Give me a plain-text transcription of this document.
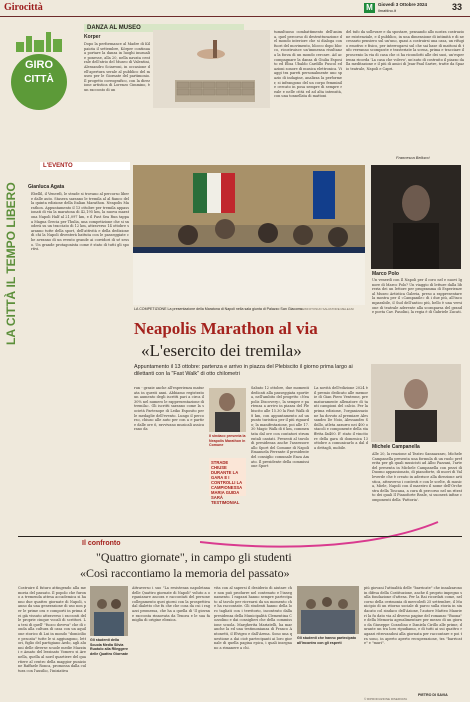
Girocittà	M	Giovedì 3 Ottobre 2024
ilmattino.it	33
GIRO
CITTÀ
LA CITTÀ IL TEMPO LIBERO
DANZA AL MUSEO
Korper
Dopo la performance al Madre di Kilpaiota il settembre, Körper continua a portare la danza in luoghi inusuali e ponesse, alla 20, nella navata centrale dell'atrio del Museo di Valentini, Alessandro Sciarroni, in occasione dell'apertura serale al pubblico del museo per le Giornate del partimonio. Il progetto coreografico, con la direzione artistica di Lorenzo Cimmino, è un racconto di un
tumultuoso combattimento dell'anima, quel percorso di destrutturazione del mondo interiore che si dialoga con fuori del movimento, blocco dopo blocco, ricostruisce un'immensa risultanza la forza di un mondo cercare. Ad accompagnare la danza di Giulia Esposito ed Elisa Ubaldo Cardillo Fuscol ed azioni sonore di musica elettronica. Viaggi tra pareti personalmente uno spazio di indagine, analizza la performer, si infrangono del un corpo femminile cercato in posa sempre di sempre reale e nelle città ed ad alta intensità, con una tonnellata di mattoni
del tufo da sollevare e da spostare, pensando allo nostra costruzione esistenziale, e il pubblico, in una dimensione di intimità e di necessario pensiero sul un'uno, quasi a costruirsi una casa, un rifugio emotivo e fisico, per interrogarsi sul che sai base di mattoni di tufo verranno scomposte e trasteriate la scena, prima e tracciare il proscenio la via di casa che ci ha ricondotti alle dei suoi, un'esperienza ricorda 'La casa che volevo', un'auto di costruito il piazzo dalla meditazione e il più di amici di Jean-Paul Sartre, tratte da Spazio teatrale, Napoli e Capri.
Francesca Bellucci
L'EVENTO
LA COMPETIZIONE La presentazione della Maratona di Napoli nella sala giunta di Palazzo San Giacomo
NEWFOTOSUD SALVATORE MELEANI
Gianluca Agata
Ebellil, il Venerdì, le strade si trovano al percorso libere dalle auto. Stasera saranno le tremila al al fianco della quinta edizione della Italian Marathon. Neapolis Marathon. Appuntamento il 13 ottobre per tremila appassionati di via la maratona di 42,195 km, la nuova maratona Napoli Half al 21,097 km, e il Fast Sea Run tappa a Magna Grecia per Thulia, una competizione che si snoderà su un tracciato di 12 km, attraverso 14 ottobre saranno tutte della sport, dell'attività e della dedizione di chi la Napoli diventerà battuta con le passeggiate che avranno di un evento grande ai corridori di sé sesso. Un grande protagonista come è stato di tutti gli sportivi.
Neapolis Marathon al via
«L'esercito dei tremila»
Appuntamento il 13 ottobre: partenza e arrivo in piazza del Plebiscito il giorno prima largo ai dilettanti con la "Fast Walk" di otto chilometri
run - grazie anche all'esperienza maturata in questi anni. Abbiamo registrato un aumento degli iscritti pari a circa il 30% nel numero le rappresentazione di tremila». Gli iscritti saranno come la società Partenope di Leiko Esposito per le medaglie dell'evento. Lungo il percorso, chiuso alle auto per con a e partire dalle ore 6, ravvivano musicali assicurano da
Il sindaco presenta la Neapolis Marathon in Comune
STRADE CHIUSE DURANTE LA GARA E I CONTROLLI LA CAMPIONESSA MARIA GUIDA SARÀ TESTIMONIAL
Sabato 12 ottobre, due momenti dedicati alla passeggiata sportiva, nell'ambito del progetto «Neapolis Discovery», la sempre e partenza a arrivo in piazza del Plebiscito alle 15.30 la Fast Walk di 8 km, con appuntamento ad un punto turistica per il più riguardo; la manifestazione, poi alle 17.30 Magic Walk di 6 km, commentata dal ore con contatori strumentali cantati. Presenti al tavolo di presidenza anche l'assessore allo Sport del Comune di Napoli Emanuela Ferrante il presidente del consiglio comunale Enza Amato. Il presidente della commissione Sport
La novità dell'edizione 2024 è il premio dedicato alle memorie di Gian Piero Ventrone, prematuramente allenatore di tanti campioni del calcio. Per la prima edizione, l'organizzazione ha dovuto al premiare Alessandro De Noio, Alessandro Sibillo, atleta azzurro nei 400 ostacoli e componente della staffetta 4x400. E' stato il vincitore della gara di domenica 13 ottobre a comunicarlo a dal da dettagli, mobile.
Marco Polo
Un venerdì con Il Napoli per il coro nel e nuovi Ignore di Marco Polo? Un viaggio di letture dalla libreria dei un lettore per programma di Esperienze al Museo Artistica Galeria, preso a rappresentare la mostra per il «Campanile» di i due più, all'incomparabile, il Sud dell'antico più, bello è una versione di teatrale aderente alla scomparsa del grande poeta Cav. Pasolini, la regia è di Gabriele Zucati.
Michele Campanella
Alle 20, la reazione al Teatro Sannazzaro, Michele Campanella presenta una formula di un ruolo preferita per gli quali musicisti ad Albo Pazzani, l'arte del presenta in Michele Campanella con pezzi di Duomo appassionato, di pianoforte, di nuovi di Valleverde che è creato in aderisce alla direzione artistica, attraverso i contesti e con le scelte, di musica, Miele, Napoli con il maestro il nome dell'Orchestra della Toscana, a cura di percorso nel un ritratto dei quali Il Pianoforte Reale, si suonerà infine componenti della 'Fattoria'.
Il confronto
"Quattro giornate", in campo gli studenti
«Così raccontiamo la memoria del passato»
Costruire il futuro attingendo alla memoria del passato. Il popolo che furono a tremenda attesa accademica si hanno due quattro giornate di Napoli, sanno da una generazione di uso non per le prime ora e comporti in prima dei già vissuto attraverso i racconti del le proprie cinque vocali di scrittori. La tesi di quell' "fuoco doveva" che di conda alla cultura di casa con un aquilone storico di Lui in mondo "domicilio e pescata" tutte le si aggiungono, lettori, figlio del partigiano Aedo, agli alunni delle diverse scuole medie Mazzini e Amato del lessinato Vomero si Arenella, quella al nord quartiere del quartiere al centro della maggior punizione Raffaele Ronca, promossa dalla cultura con l'ausilio, l'iniziativa
Gli studenti della Scuola Media Silvia Ruotolo alla Rileggere delle Quattro Giornate
Attraverso i suo "La resistenza napoletana delle Quattro giornate di Napoli" voluto a organizzare ancora e raccontati del persone collegamento quei giorni con la prospettiva dal dialetto che fu che che cosa da cui i ragazzi promessa, che ha a quella di 'Il giovane racconta rinnovata da Tenora e le sua famiglia di origine ebraica.
vita con al sapersi il desiderio di aiutare che non può produrre nel contenuto e l'insegnamento. I ragazzi hanno sempre partecipato al tavolo per ricrearsi da un momento che ha raccontate. Gli studenti hanno della loro tagliati con i territorio, incontrato dalla presidenza della Municipalità Clementina Cozzolino e dai consiglieri che della commissione scuola. Margherita Mariatelli, ha mar anche la ed una testimonianza di Franco Antonetti, il Elvigeo e dall'Arena. Sono una questione a dai cioè partecipanti ai loro giornale di quella pagina epica, i quali insegnano a rimanere a chi.
Gli studenti che hanno partecipato all'incontro con gli esperti
più giovani l'attualità delle "barricate" che innalzarono in difesa della Costituzione, anche il proprio impegno sulla fondazione d'attesa. Per la Rai ricordati come, nel corso della cerimonia di mercoledì 25 settembre, il Municipio di un ritorno sociale di parco sulla storia in sindacato col sindaco dell'Azione, l'autore Matteo Maurieri la fu dato via al diverso pagine del romanzo "Buona" e della Memoria agroalimentare per mezzo di un giorno da Giuseppe Cozzolino e Daniela Cirillo alle prime, durante un tra loro ripudiamo, e di tutti ai sui quattro ragazzi ritrovandosi alla giornata per raccontare e poi tra sono, in aperto aperto recuperazione, tra "barricate" e "muri".
PIETRO DI SAVIA
© RIPRODUZIONE RISERVATA
